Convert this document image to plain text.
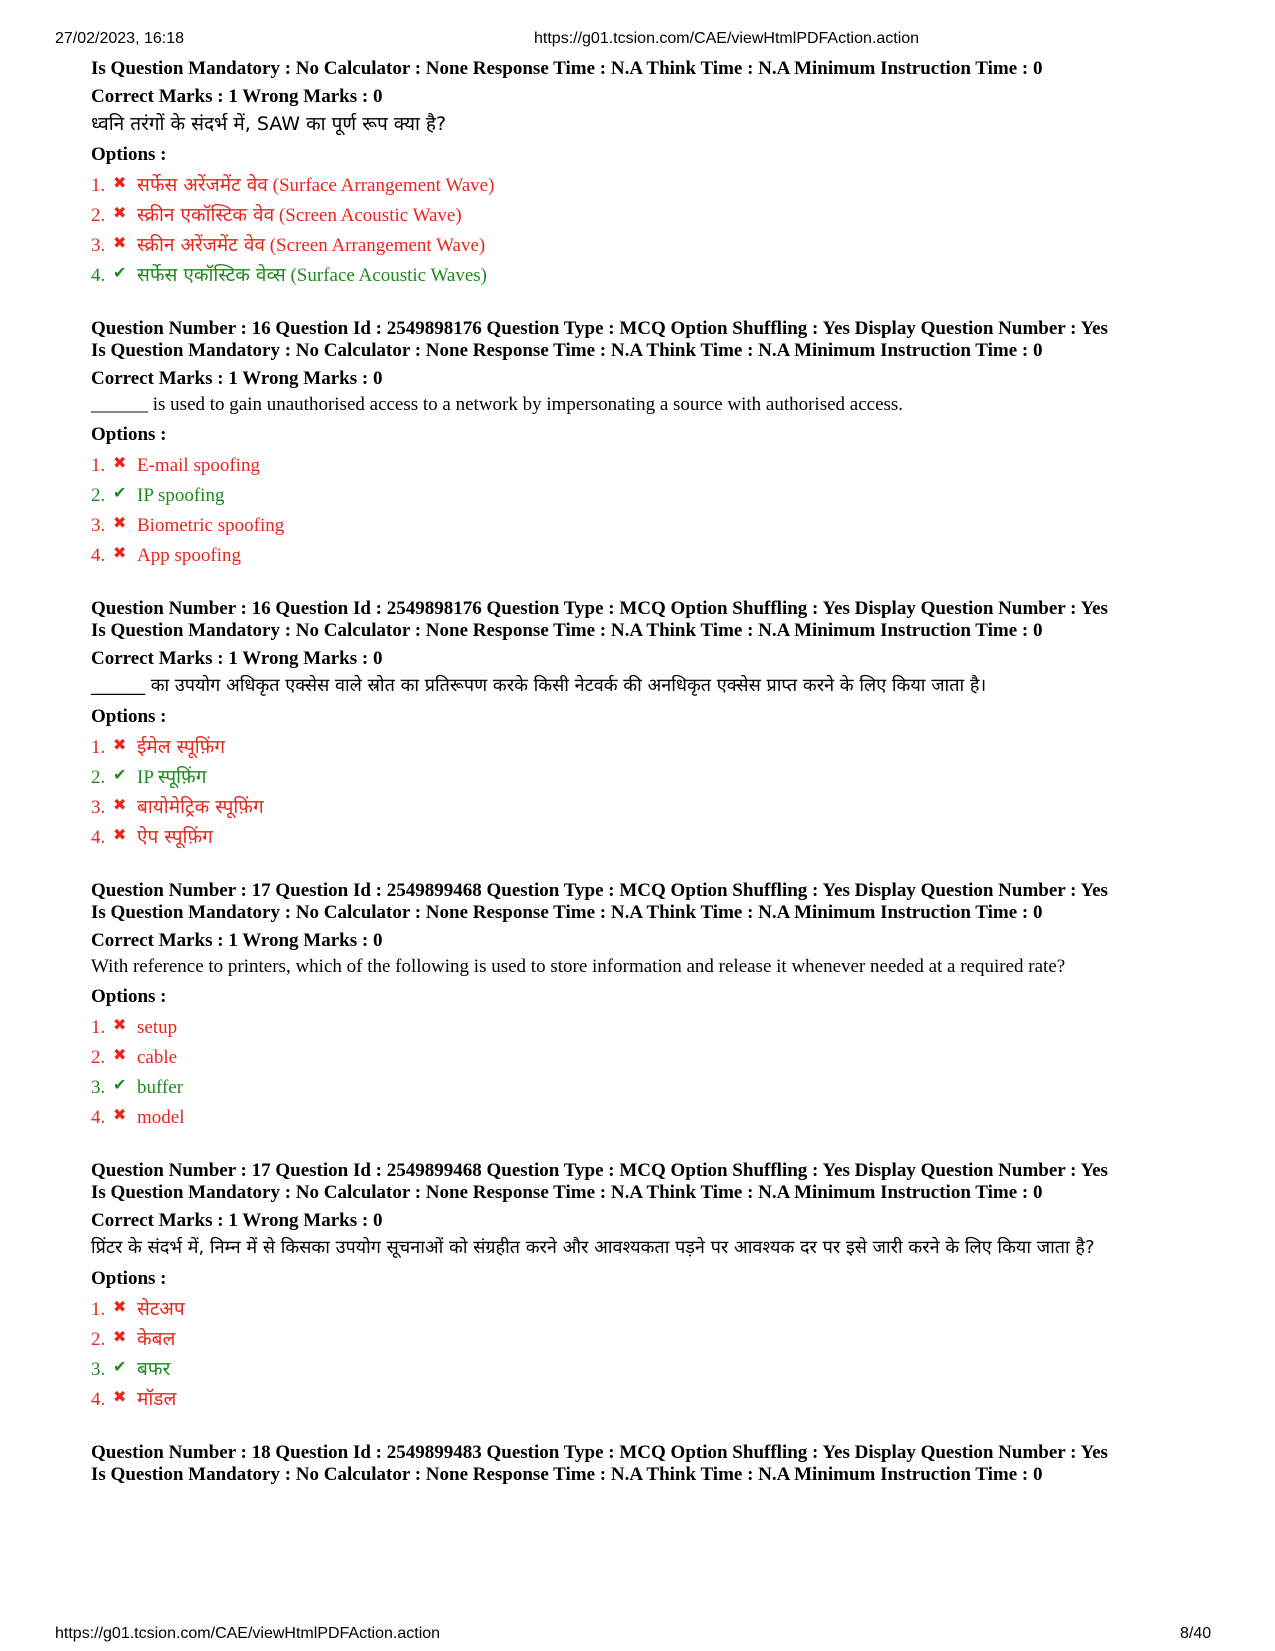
27/02/2023, 16:18	https://g01.tcsion.com/CAE/viewHtmlPDFAction.action
Is Question Mandatory : No Calculator : None Response Time : N.A Think Time : N.A Minimum Instruction Time : 0
Correct Marks : 1 Wrong Marks : 0
ध्वनि तरंगों के संदर्भ में, SAW का पूर्ण रूप क्या है?
Options :
1. ✖ सर्फेस अरेंजमेंट वेव (Surface Arrangement Wave)
2. ✖ स्क्रीन एकॉस्टिक वेव (Screen Acoustic Wave)
3. ✖ स्क्रीन अरेंजमेंट वेव (Screen Arrangement Wave)
4. ✔ सर्फेस एकॉस्टिक वेव्स (Surface Acoustic Waves)
Question Number : 16 Question Id : 2549898176 Question Type : MCQ Option Shuffling : Yes Display Question Number : Yes
Is Question Mandatory : No Calculator : None Response Time : N.A Think Time : N.A Minimum Instruction Time : 0
Correct Marks : 1 Wrong Marks : 0
______ is used to gain unauthorised access to a network by impersonating a source with authorised access.
Options :
1. ✖ E-mail spoofing
2. ✔ IP spoofing
3. ✖ Biometric spoofing
4. ✖ App spoofing
Question Number : 16 Question Id : 2549898176 Question Type : MCQ Option Shuffling : Yes Display Question Number : Yes
Is Question Mandatory : No Calculator : None Response Time : N.A Think Time : N.A Minimum Instruction Time : 0
Correct Marks : 1 Wrong Marks : 0
______ का उपयोग अधिकृत एक्सेस वाले स्रोत का प्रतिरूपण करके किसी नेटवर्क की अनधिकृत एक्सेस प्राप्त करने के लिए किया जाता है।
Options :
1. ✖ ईमेल स्पूफ़िंग
2. ✔ IP स्पूफ़िंग
3. ✖ बायोमेट्रिक स्पूफ़िंग
4. ✖ ऐप स्पूफ़िंग
Question Number : 17 Question Id : 2549899468 Question Type : MCQ Option Shuffling : Yes Display Question Number : Yes
Is Question Mandatory : No Calculator : None Response Time : N.A Think Time : N.A Minimum Instruction Time : 0
Correct Marks : 1 Wrong Marks : 0
With reference to printers, which of the following is used to store information and release it whenever needed at a required rate?
Options :
1. ✖ setup
2. ✖ cable
3. ✔ buffer
4. ✖ model
Question Number : 17 Question Id : 2549899468 Question Type : MCQ Option Shuffling : Yes Display Question Number : Yes
Is Question Mandatory : No Calculator : None Response Time : N.A Think Time : N.A Minimum Instruction Time : 0
Correct Marks : 1 Wrong Marks : 0
प्रिंटर के संदर्भ में, निम्न में से किसका उपयोग सूचनाओं को संग्रहीत करने और आवश्यकता पड़ने पर आवश्यक दर पर इसे जारी करने के लिए किया जाता है?
Options :
1. ✖ सेटअप
2. ✖ केबल
3. ✔ बफर
4. ✖ मॉडल
Question Number : 18 Question Id : 2549899483 Question Type : MCQ Option Shuffling : Yes Display Question Number : Yes
Is Question Mandatory : No Calculator : None Response Time : N.A Think Time : N.A Minimum Instruction Time : 0
https://g01.tcsion.com/CAE/viewHtmlPDFAction.action	8/40
